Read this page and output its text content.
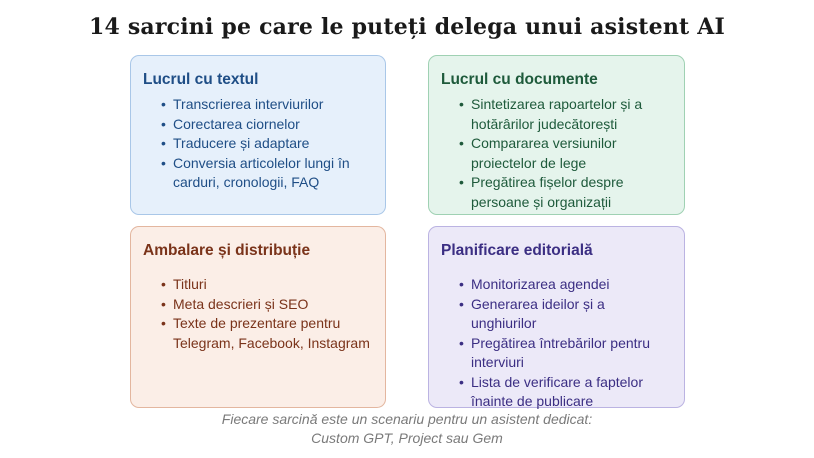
14 sarcini pe care le puteți delega unui asistent AI
Lucrul cu textul
• Transcrierea interviurilor
• Corectarea ciornelor
• Traducere și adaptare
• Conversia articolelor lungi în carduri, cronologii, FAQ
Lucrul cu documente
• Sintetizarea rapoartelor și a hotărârilor judecătorești
• Compararea versiunilor proiectelor de lege
• Pregătirea fișelor despre persoane și organizații
Ambalare și distribuție
• Titluri
• Meta descrieri și SEO
• Texte de prezentare pentru Telegram, Facebook, Instagram
Planificare editorială
• Monitorizarea agendei
• Generarea ideilor și a unghiurilor
• Pregătirea întrebărilor pentru interviuri
• Lista de verificare a faptelor înainte de publicare
Fiecare sarcină este un scenariu pentru un asistent dedicat:
Custom GPT, Project sau Gem
